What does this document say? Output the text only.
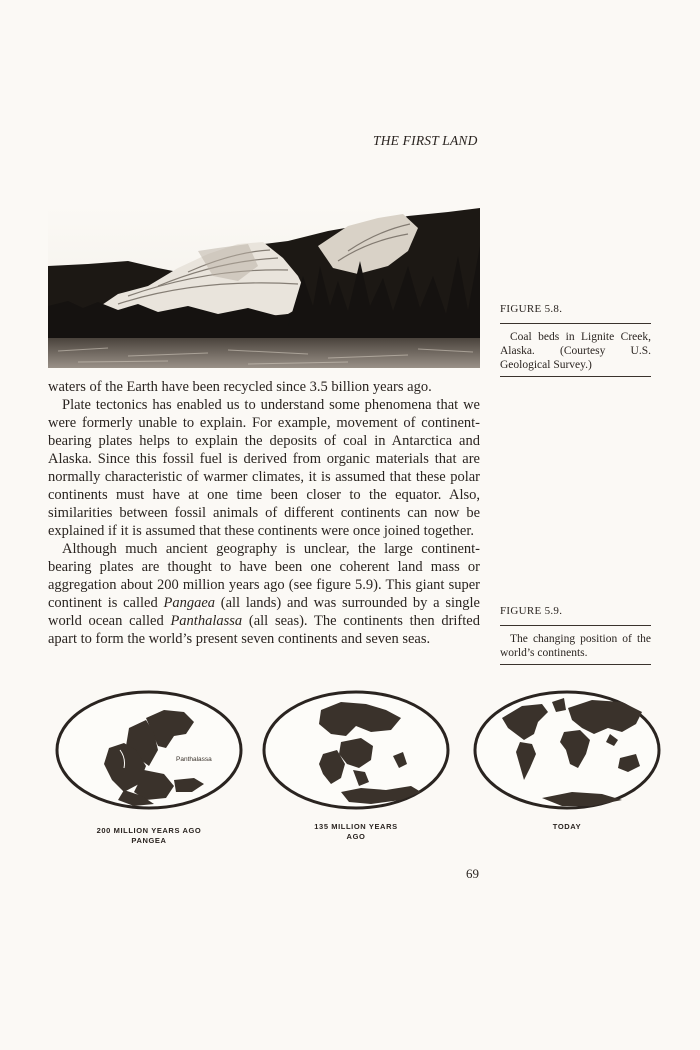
THE FIRST LAND
FIGURE 5.8.
Coal beds in Lignite Creek, Alaska. (Courtesy U.S. Geological Survey.)
FIGURE 5.9.
The changing position of the world’s continents.

waters of the Earth have been recycled since 3.5 billion years ago.

Plate tectonics has enabled us to understand some phenomena that we were formerly unable to explain. For example, movement of continent-bearing plates helps to explain the deposits of coal in Antarctica and Alaska. Since this fossil fuel is derived from organic materials that are normally characteristic of warmer climates, it is assumed that these polar continents must have at one time been closer to the equator. Also, similarities between fossil animals of different continents can now be explained if it is assumed that these continents were once joined together.

Although much ancient geography is unclear, the large continent-bearing plates are thought to have been one coherent land mass or aggregation about 200 million years ago (see figure 5.9). This giant super continent is called Pangaea (all lands) and was surrounded by a single world ocean called Panthalassa (all seas). The continents then drifted apart to form the world’s present seven continents and seven seas.

Panthalassa
200 MILLION YEARS AGO
PANGEA
135 MILLION YEARS
AGO
TODAY
69
